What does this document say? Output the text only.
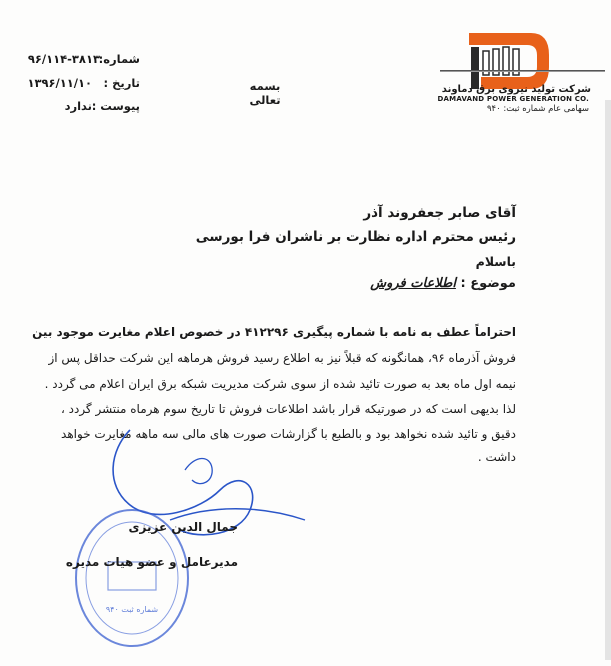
شرکت تولید نیروی برق دماوند
DAMAVAND POWER GENERATION CO.
سهامی عام شماره ثبت: ۹۴۰
شماره:
۹۶/۱۱۴-۳۸۱۳
تاریخ :
۱۳۹۶/۱۱/۱۰
پیوست :
ندارد
بسمه تعالی
آقای صابر جعفروند آذر
رئیس محترم اداره نظارت بر ناشران فرا بورسی
باسلام
موضوع : اطلاعات فروش
احتراماً عطف به نامه با شماره پیگیری ۴۱۲۲۹۶ در خصوص اعلام مغایرت موجود بین
فروش آذرماه ۹۶، همانگونه که قبلاً نیز به اطلاع رسید فروش هرماهه این شرکت حداقل پس از
نیمه اول ماه بعد به صورت تائید شده از سوی شرکت مدیریت شبکه برق ایران اعلام می گردد .
لذا بدیهی است که در صورتیکه قرار باشد اطلاعات فروش تا تاریخ سوم هرماه منتشر گردد ،
دقیق و تائید شده نخواهد بود و بالطبع با گزارشات صورت های مالی سه ماهه مغایرت خواهد
داشت .
شماره ثبت ۹۴۰
جمال الدین عزیزی
مدیرعامل و عضو هیات مدیره
